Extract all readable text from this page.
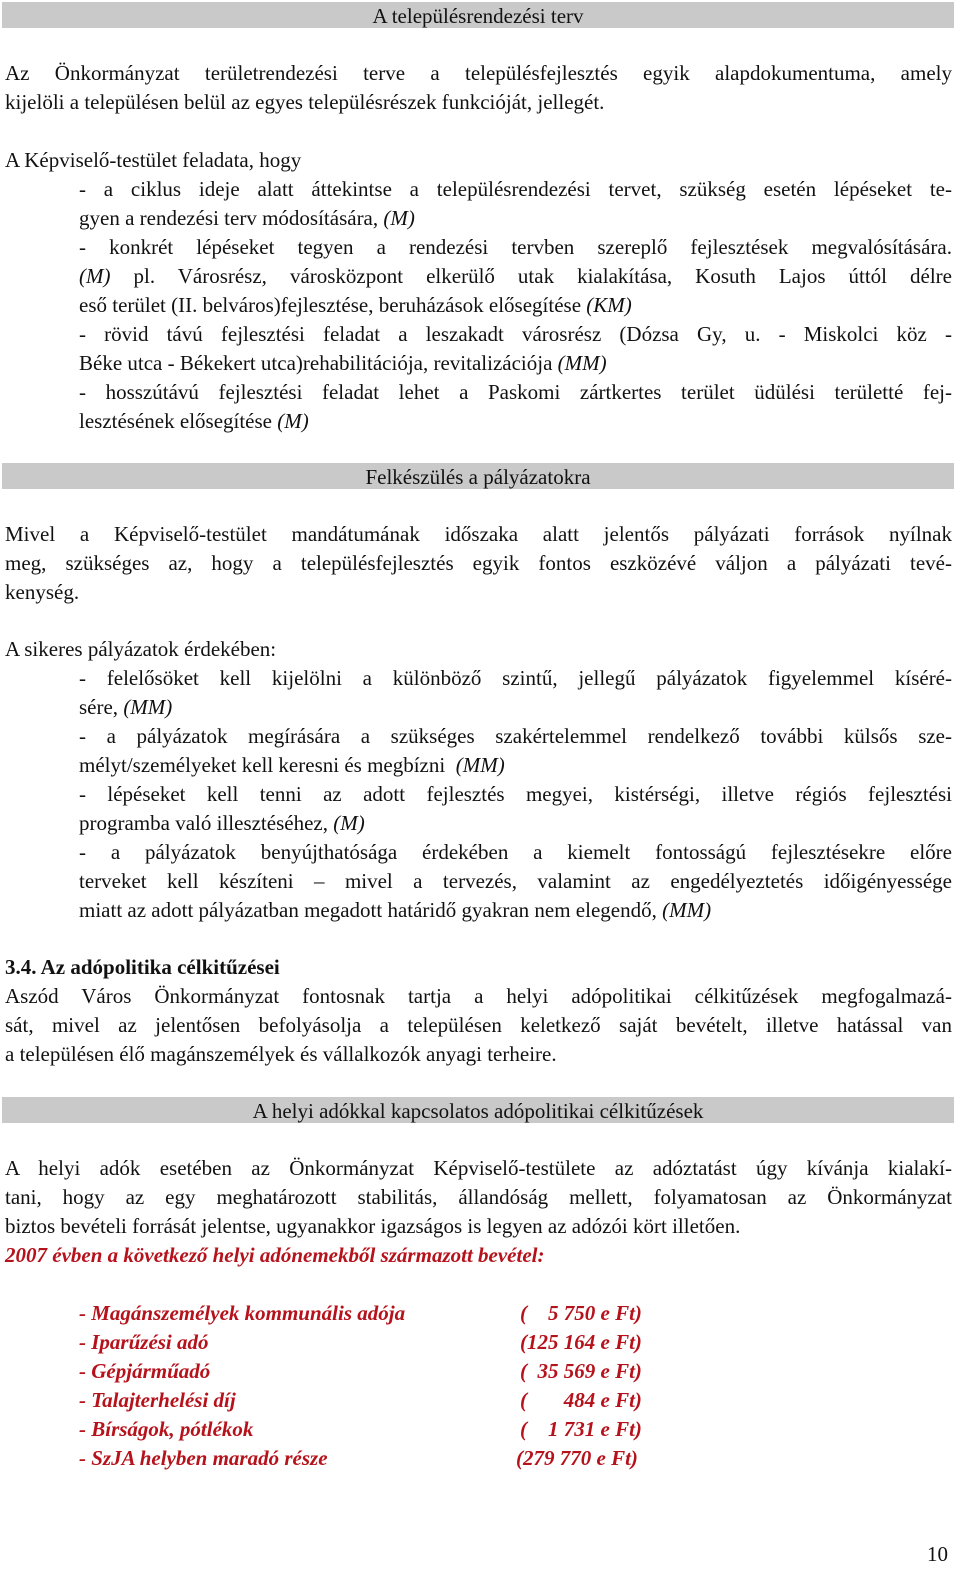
A településrendezési terv
Az Önkormányzat területrendezési terve a településfejlesztés egyik alapdokumentuma, amely
kijelöli a településen belül az egyes településrészek funkcióját, jellegét.
A Képviselő-testület feladata, hogy
- a ciklus ideje alatt áttekintse a településrendezési tervet, szükség esetén lépéseket te-
gyen a rendezési terv módosítására, (M)
- konkrét lépéseket tegyen a rendezési tervben szereplő fejlesztések megvalósítására.
(M) pl. Városrész, városközpont elkerülő utak kialakítása, Kosuth Lajos úttól délre
eső terület (II. belváros)fejlesztése, beruházások elősegítése (KM)
- rövid távú fejlesztési feladat a leszakadt városrész (Dózsa Gy, u. - Miskolci köz -
Béke utca - Békekert utca)rehabilitációja, revitalizációja (MM)
- hosszútávú fejlesztési feladat lehet a Paskomi zártkertes terület üdülési területté fej-
lesztésének elősegítése (M)
Felkészülés a pályázatokra
Mivel a Képviselő-testület mandátumának időszaka alatt jelentős pályázati források nyílnak
meg, szükséges az, hogy a településfejlesztés egyik fontos eszközévé váljon a pályázati tevé-
kenység.
A sikeres pályázatok érdekében:
- felelősöket kell kijelölni a különböző szintű, jellegű pályázatok figyelemmel kíséré-
sére, (MM)
- a pályázatok megírására a szükséges szakértelemmel rendelkező további külsős sze-
mélyt/személyeket kell keresni és megbízni (MM)
- lépéseket kell tenni az adott fejlesztés megyei, kistérségi, illetve régiós fejlesztési
programba való illesztéséhez, (M)
- a pályázatok benyújthatósága érdekében a kiemelt fontosságú fejlesztésekre előre
terveket kell készíteni – mivel a tervezés, valamint az engedélyeztetés időigényessége
miatt az adott pályázatban megadott határidő gyakran nem elegendő, (MM)
3.4. Az adópolitika célkitűzései
Aszód Város Önkormányzat fontosnak tartja a helyi adópolitikai célkitűzések megfogalmazá-
sát, mivel az jelentősen befolyásolja a településen keletkező saját bevételt, illetve hatással van
a településen élő magánszemélyek és vállalkozók anyagi terheire.
A helyi adókkal kapcsolatos adópolitikai célkitűzések
A helyi adók esetében az Önkormányzat Képviselő-testülete az adóztatást úgy kívánja kialakí-
tani, hogy az egy meghatározott stabilitás, állandóság mellett, folyamatosan az Önkormányzat
biztos bevételi forrását jelentse, ugyanakkor igazságos is legyen az adózói kört illetően.
2007 évben a következő helyi adónemekből származott bevétel:
- Magánszemélyek kommunális adója	(    5 750 e Ft)
- Iparűzési adó	(125 164 e Ft)
- Gépjárműadó	(  35 569 e Ft)
- Talajterhelési díj	(       484 e Ft)
- Bírságok, pótlékok	(    1 731 e Ft)
- SzJA helyben maradó része	(279 770 e Ft)
10
